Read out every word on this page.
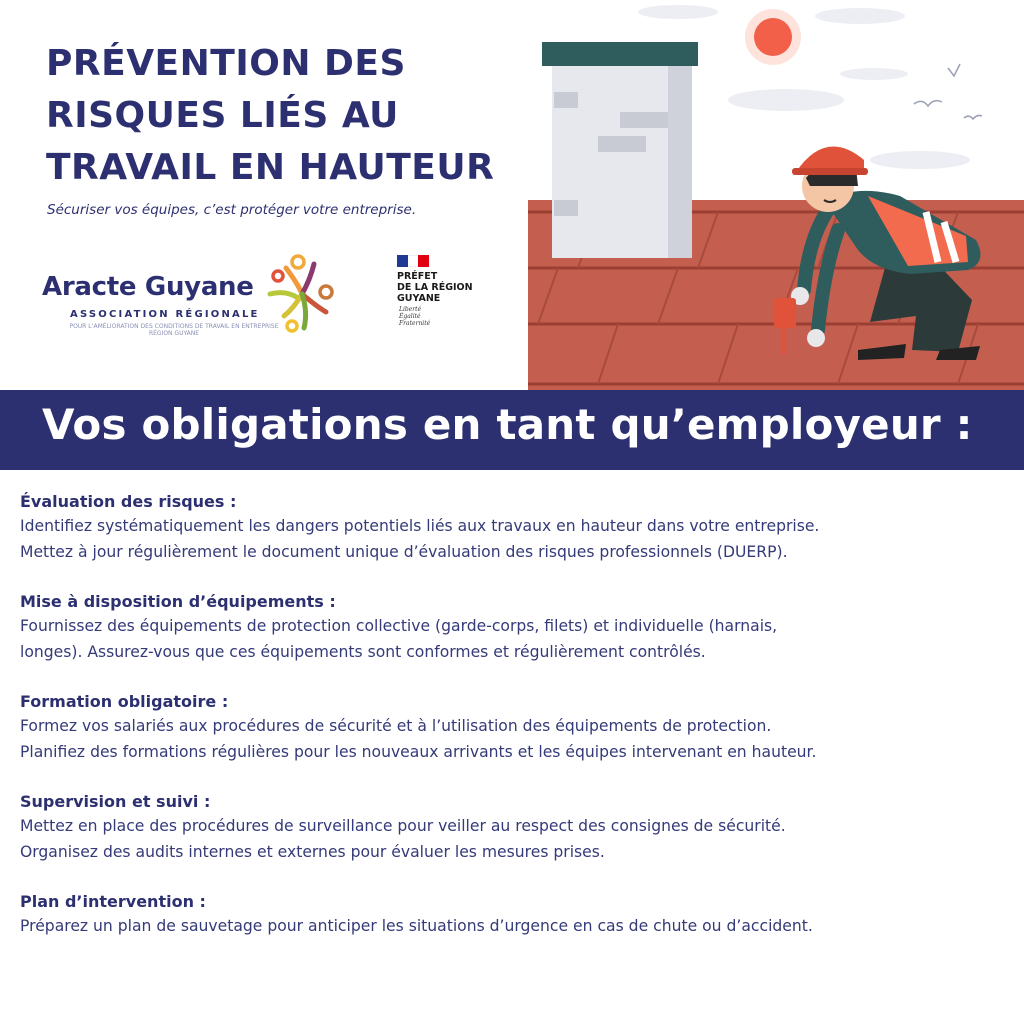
PRÉVENTION DES
RISQUES LIÉS AU
TRAVAIL EN HAUTEUR
Sécuriser vos équipes, c’est protéger votre entreprise.
Aracte Guyane
ASSOCIATION RÉGIONALE
POUR L’AMÉLIORATION DES CONDITIONS DE TRAVAIL EN ENTREPRISE RÉGION GUYANE
PRÉFET
DE LA RÉGION
GUYANE
Liberté
Égalité
Fraternité
Vos obligations en tant qu’employeur :
Évaluation des risques :
Identifiez systématiquement les dangers potentiels liés aux travaux en hauteur dans votre entreprise.
Mettez à jour régulièrement le document unique d’évaluation des risques professionnels (DUERP).
Mise à disposition d’équipements :
Fournissez des équipements de protection collective (garde-corps, filets) et individuelle (harnais,
longes). Assurez-vous que ces équipements sont conformes et régulièrement contrôlés.
Formation obligatoire :
Formez vos salariés aux procédures de sécurité et à l’utilisation des équipements de protection.
Planifiez des formations régulières pour les nouveaux arrivants et les équipes intervenant en hauteur.
Supervision et suivi :
Mettez en place des procédures de surveillance pour veiller au respect des consignes de sécurité.
Organisez des audits internes et externes pour évaluer les mesures prises.
Plan d’intervention :
Préparez un plan de sauvetage pour anticiper les situations d’urgence en cas de chute ou d’accident.
